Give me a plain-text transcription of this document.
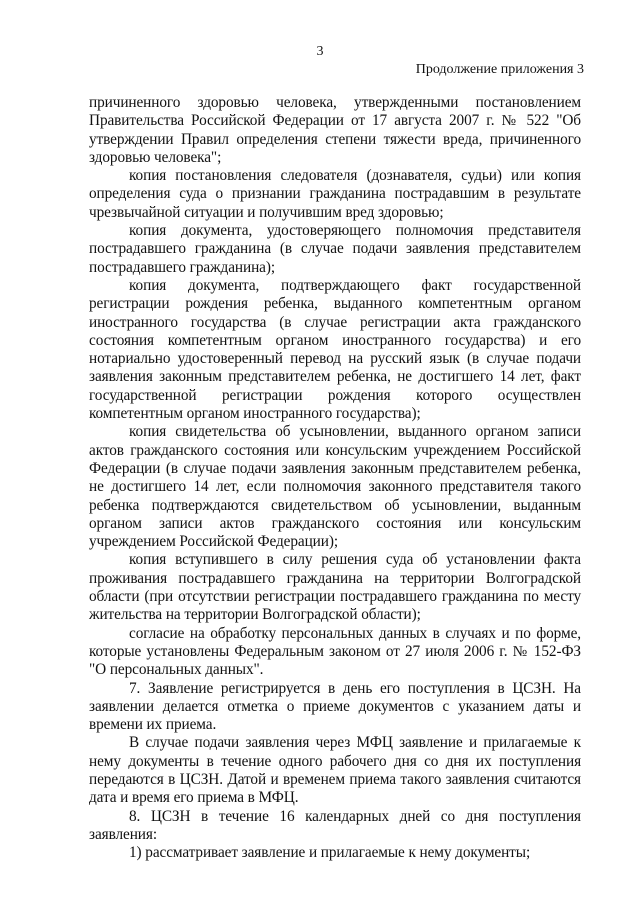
3
Продолжение приложения 3

причиненного здоровью человека, утвержденными постановлением Правительства Российской Федерации от 17 августа 2007 г. № 522 "Об утверждении Правил определения степени тяжести вреда, причиненного здоровью человека";

копия постановления следователя (дознавателя, судьи) или копия определения суда о признании гражданина пострадавшим в результате чрезвычайной ситуации и получившим вред здоровью;

копия документа, удостоверяющего полномочия представителя пострадавшего гражданина (в случае подачи заявления представителем пострадавшего гражданина);

копия документа, подтверждающего факт государственной регистрации рождения ребенка, выданного компетентным органом иностранного государства (в случае регистрации акта гражданского состояния компетентным органом иностранного государства) и его нотариально удостоверенный перевод на русский язык (в случае подачи заявления законным представителем ребенка, не достигшего 14 лет, факт государственной регистрации рождения которого осуществлен компетентным органом иностранного государства);

копия свидетельства об усыновлении, выданного органом записи актов гражданского состояния или консульским учреждением Российской Федерации (в случае подачи заявления законным представителем ребенка, не достигшего 14 лет, если полномочия законного представителя такого ребенка подтверждаются свидетельством об усыновлении, выданным органом записи актов гражданского состояния или консульским учреждением Российской Федерации);

копия вступившего в силу решения суда об установлении факта проживания пострадавшего гражданина на территории Волгоградской области (при отсутствии регистрации пострадавшего гражданина по месту жительства на территории Волгоградской области);

согласие на обработку персональных данных в случаях и по форме, которые установлены Федеральным законом от 27 июля 2006 г. № 152-ФЗ "О персональных данных".

7. Заявление регистрируется в день его поступления в ЦСЗН. На заявлении делается отметка о приеме документов с указанием даты и времени их приема.

В случае подачи заявления через МФЦ заявление и прилагаемые к нему документы в течение одного рабочего дня со дня их поступления передаются в ЦСЗН. Датой и временем приема такого заявления считаются дата и время его приема в МФЦ.

8. ЦСЗН в течение 16 календарных дней со дня поступления заявления:

1) рассматривает заявление и прилагаемые к нему документы;
